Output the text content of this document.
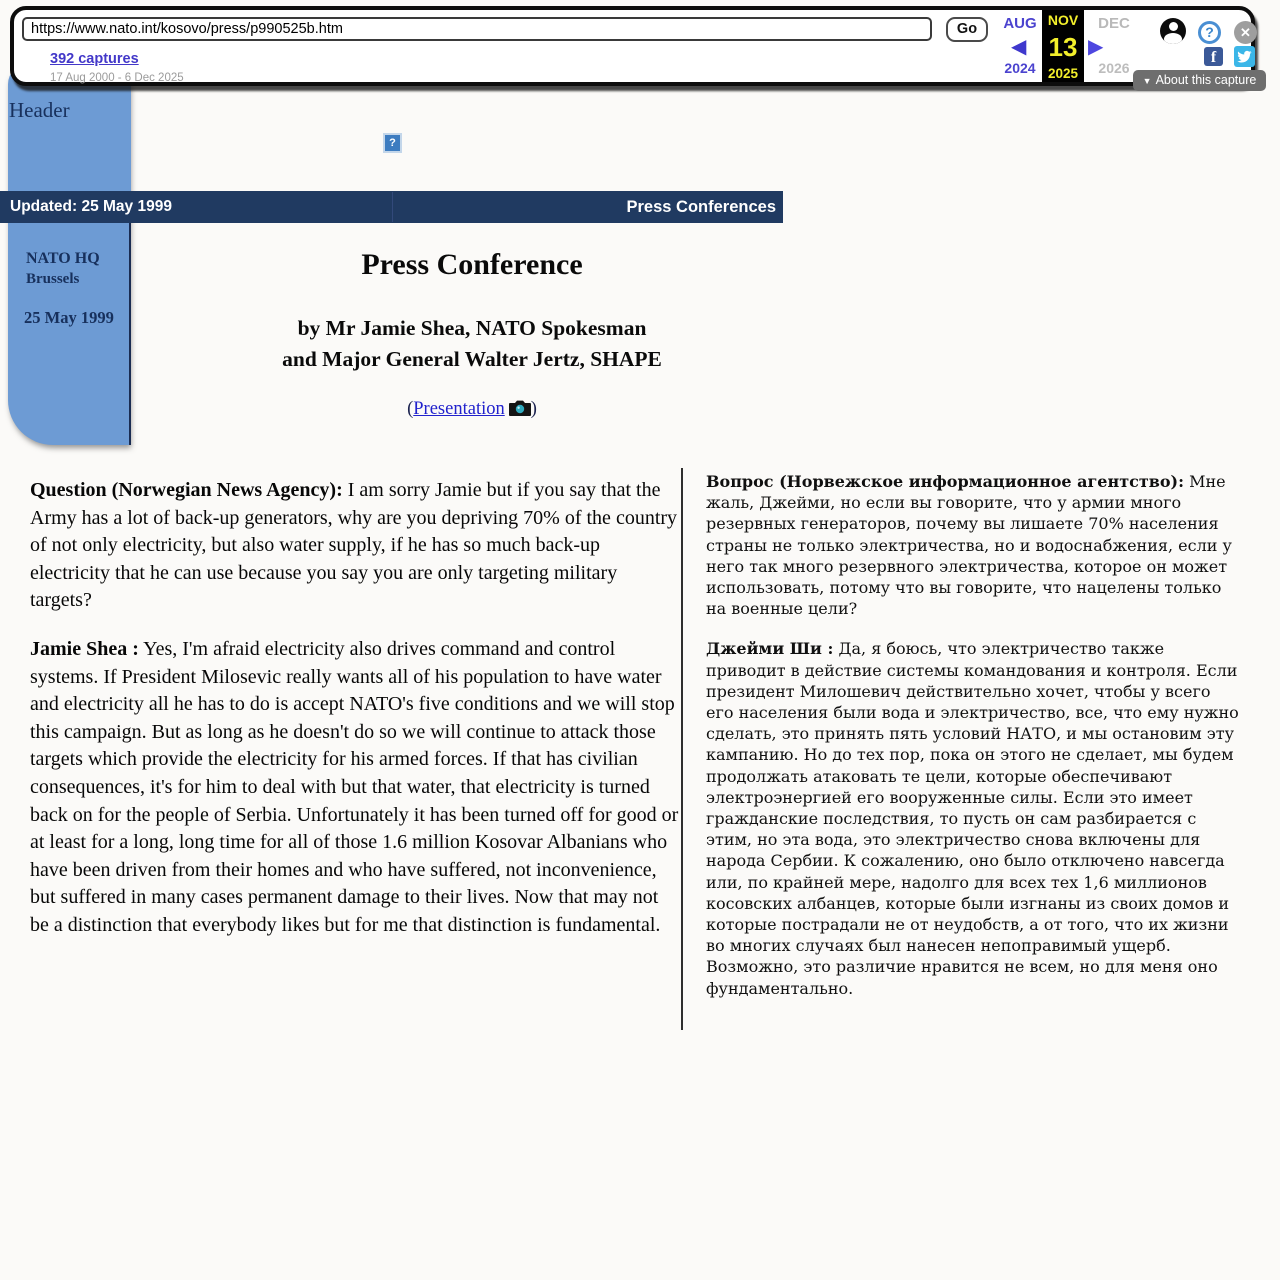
Header
NATO HQ
Brussels
25 May 1999
Updated: 25 May 1999	Press Conferences
?
Press Conference
by Mr Jamie Shea, NATO Spokesman
and Major General Walter Jertz, SHAPE
(Presentation )

Question (Norwegian News Agency): I am sorry Jamie but if you say that the Army has a lot of back-up generators, why are you depriving 70% of the country of not only electricity, but also water supply, if he has so much back-up electricity that he can use because you say you are only targeting military targets?

Jamie Shea : Yes, I'm afraid electricity also drives command and control systems. If President Milosevic really wants all of his population to have water and electricity all he has to do is accept NATO's five conditions and we will stop this campaign. But as long as he doesn't do so we will continue to attack those targets which provide the electricity for his armed forces. If that has civilian consequences, it's for him to deal with but that water, that electricity is turned back on for the people of Serbia. Unfortunately it has been turned off for good or at least for a long, long time for all of those 1.6 million Kosovar Albanians who have been driven from their homes and who have suffered, not inconvenience, but suffered in many cases permanent damage to their lives. Now that may not be a distinction that everybody likes but for me that distinction is fundamental.

Вопрос (Норвежское информационное агентство): Мне жаль, Джейми, но если вы говорите, что у армии много резервных генераторов, почему вы лишаете 70% населения страны не только электричества, но и водоснабжения, если у него так много резервного электричества, которое он может использовать, потому что вы говорите, что нацелены только на военные цели?

Джейми Ши : Да, я боюсь, что электричество также приводит в действие системы командования и контроля. Если президент Милошевич действительно хочет, чтобы у всего его населения были вода и электричество, все, что ему нужно сделать, это принять пять условий НАТО, и мы остановим эту кампанию. Но до тех пор, пока он этого не сделает, мы будем продолжать атаковать те цели, которые обеспечивают электроэнергией его вооруженные силы. Если это имеет гражданские последствия, то пусть он сам разбирается с этим, но эта вода, это электричество снова включены для народа Сербии. К сожалению, оно было отключено навсегда или, по крайней мере, надолго для всех тех 1,6 миллионов косовских албанцев, которые были изгнаны из своих домов и которые пострадали не от неудобств, а от того, что их жизни во многих случаях был нанесен непоправимый ущерб. Возможно, это различие нравится не всем, но для меня оно фундаментально.

https://www.nato.int/kosovo/press/p990525b.htm
Go
392 captures
17 Aug 2000 - 6 Dec 2025
AUG	DEC
◀	▶
2024	2026
NOV
13
2025
?	✕
f
▼ About this capture
